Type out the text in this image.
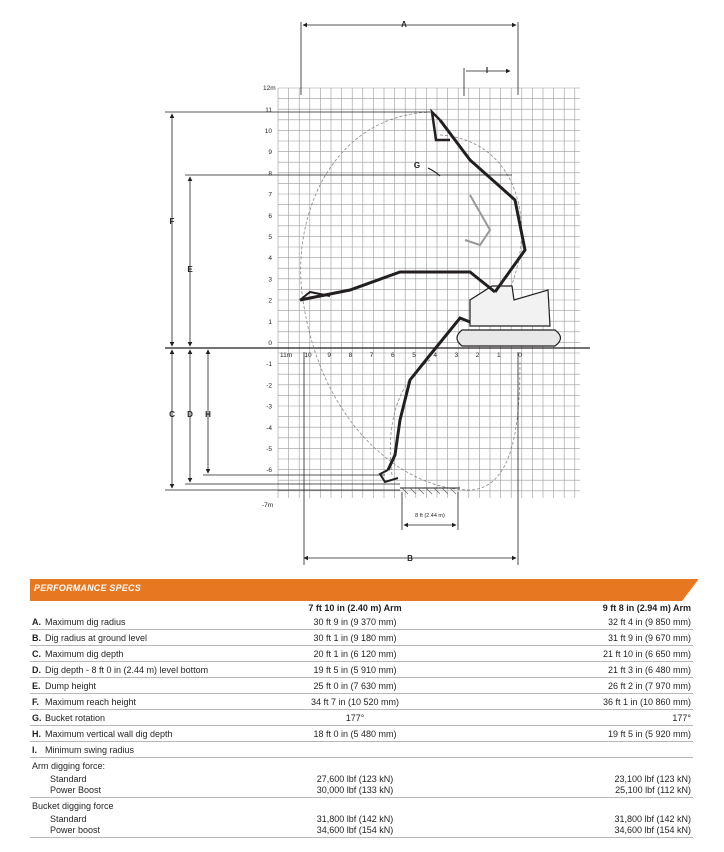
A
B
C D
E
F
G
H
I
12m
-7m
11m
11
10
9
8
7
6
5
4
3
2
1
0
-1
-2
-3
-4
-5
-6
10 9	8	7	6	5	4	3	2	1	0
8 ft (2.44 m)
PERFORMANCE SPECS
	7 ft 10 in (2.40 m) Arm	9 ft 8 in (2.94 m) Arm
A. Maximum dig radius	30 ft 9 in (9 370 mm)	32 ft 4 in (9 850 mm)
B. Dig radius at ground level	30 ft 1 in (9 180 mm)	31 ft 9 in (9 670 mm)
C. Maximum dig depth	20 ft 1 in (6 120 mm)	21 ft 10 in (6 650 mm)
D. Dig depth - 8 ft 0 in (2.44 m) level bottom	19 ft 5 in (5 910 mm)	21 ft 3 in (6 480 mm)
E. Dump height	25 ft 0 in (7 630 mm)	26 ft 2 in (7 970 mm)
F. Maximum reach height	34 ft 7 in (10 520 mm)	36 ft 1 in (10 860 mm)
G. Bucket rotation	177°	177°
H. Maximum vertical wall dig depth	18 ft 0 in (5 480 mm)	19 ft 5 in (5 920 mm)
I. Minimum swing radius		
Arm digging force:		
Standard	27,600 lbf (123 kN)	23,100 lbf (123 kN)
Power Boost	30,000 lbf (133 kN)	25,100 lbf (112 kN)
Bucket digging force		
Standard	31,800 lbf (142 kN)	31,800 lbf (142 kN)
Power boost	34,600 lbf (154 kN)	34,600 lbf (154 kN)
